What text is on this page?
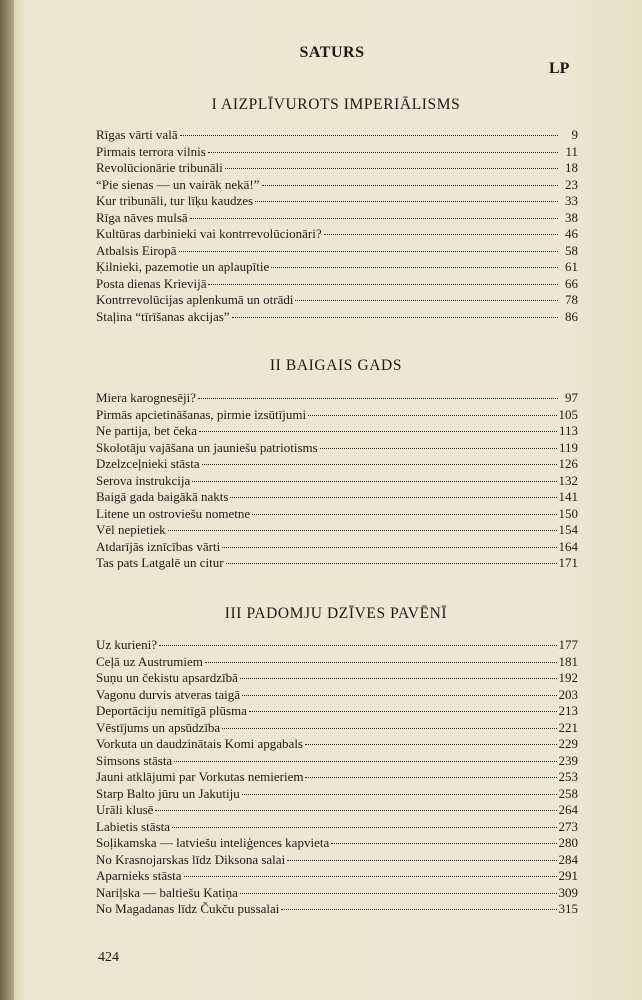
SATURS
LP
I AIZPLĪVUROTS IMPERIĀLISMS
Rīgas vārti valā	9
Pirmais terrora vilnis	11
Revolūcionārie tribunāli	18
“Pie sienas — un vairāk nekā!”	23
Kur tribunāli, tur līķu kaudzes	33
Rīga nāves mulsā	38
Kultūras darbinieki vai kontrrevolūcionāri?	46
Atbalsis Eiropā	58
Ķilnieki, pazemotie un aplaupītie	61
Posta dienas Krievijā	66
Kontrrevolūcijas aplenkumā un otrādi	78
Staļina “tīrīšanas akcijas”	86
II BAIGAIS GADS
Miera karognesēji?	97
Pirmās apcietināšanas, pirmie izsūtījumi	105
Ne partija, bet čeka	113
Skolotāju vajāšana un jauniešu patriotisms	119
Dzelzceļnieki stāsta	126
Serova instrukcija	132
Baigā gada baigākā nakts	141
Litene un ostroviešu nometne	150
Vēl nepietiek	154
Atdarījās iznīcības vārti	164
Tas pats Latgalē un citur	171
III PADOMJU DZĪVES PAVĒNĪ
Uz kurieni?	177
Ceļā uz Austrumiem	181
Suņu un čekistu apsardzībā	192
Vagonu durvis atveras taigā	203
Deportāciju nemitīgā plūsma	213
Vēstījums un apsūdzība	221
Vorkuta un daudzinātais Komi apgabals	229
Simsons stāsta	239
Jauni atklājumi par Vorkutas nemieriem	253
Starp Balto jūru un Jakutiju	258
Urāli klusē	264
Labietis stāsta	273
Soļikamska — latviešu inteliģences kapvieta	280
No Krasnojarskas līdz Diksona salai	284
Aparnieks stāsta	291
Nariļska — baltiešu Katiņa	309
No Magadanas līdz Čukču pussalai	315
424
